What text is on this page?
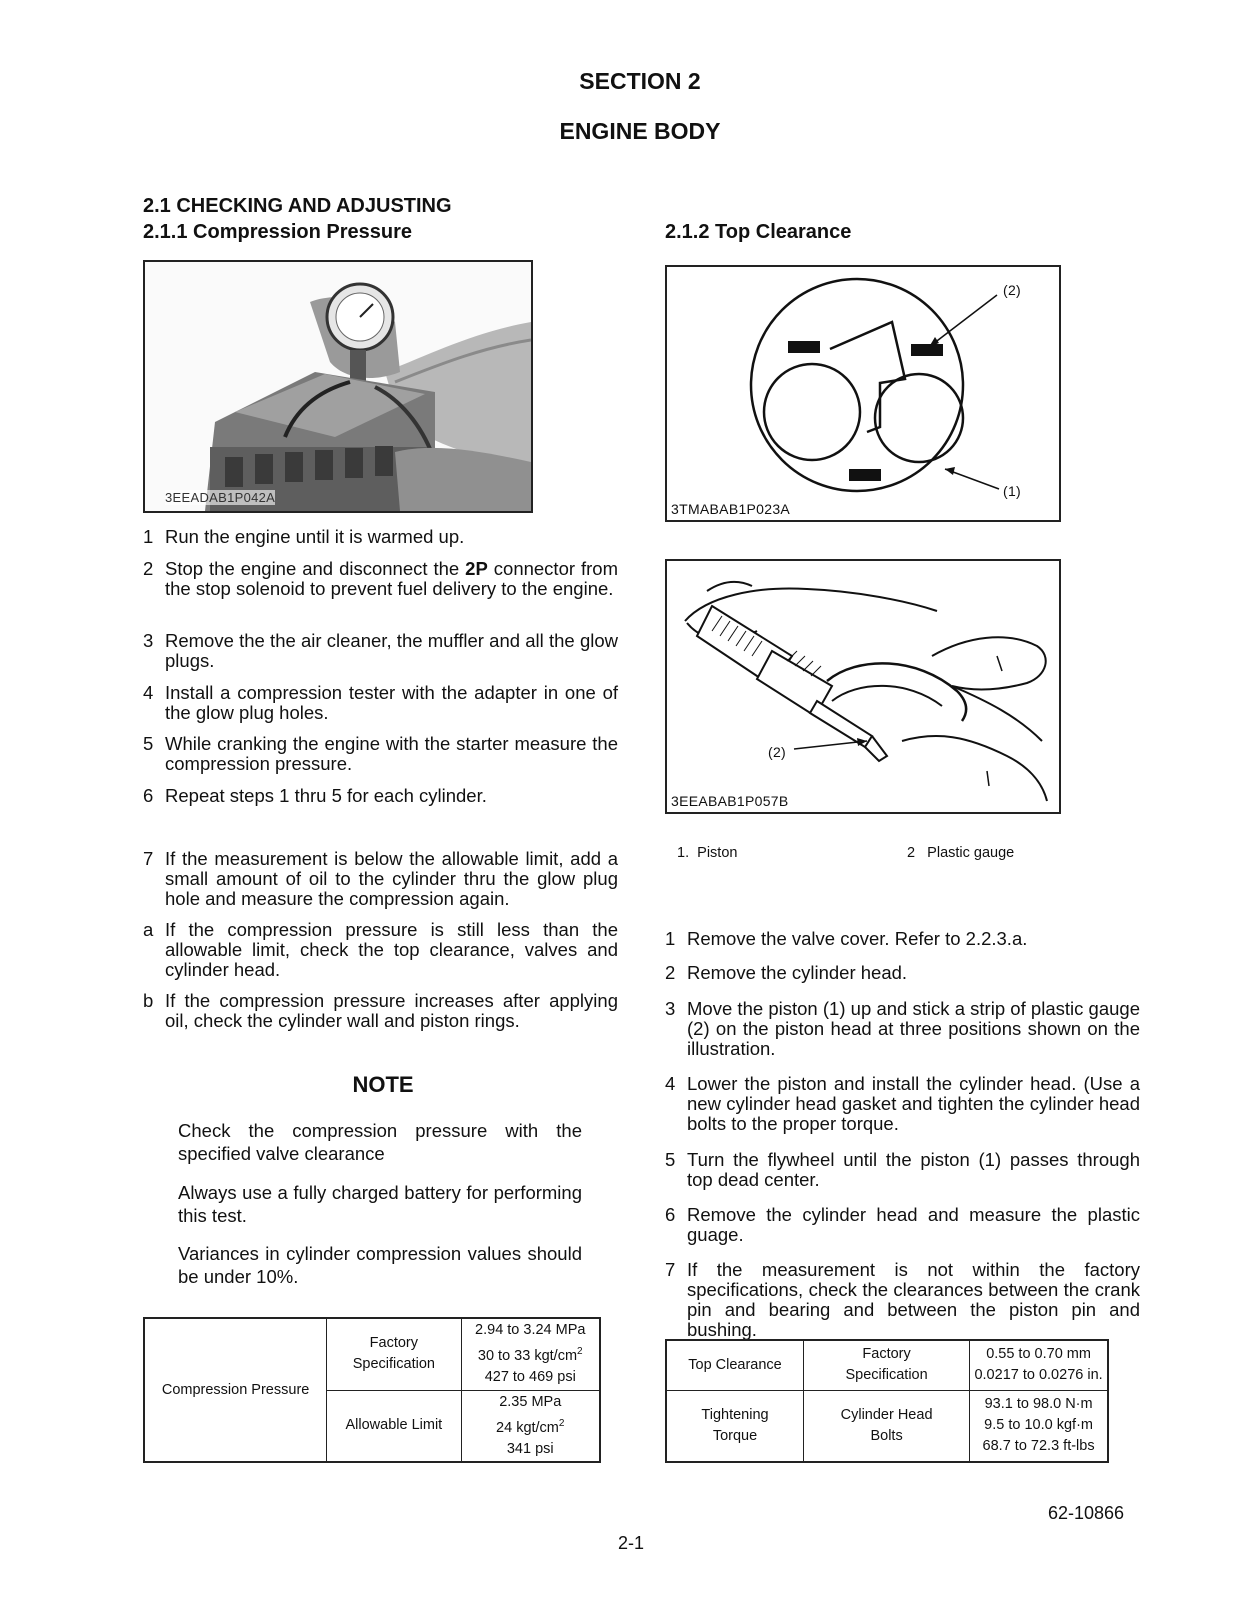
SECTION 2
ENGINE BODY
2.1 CHECKING AND ADJUSTING
2.1.1 Compression Pressure
3EEADAB1P042A
1 Run the engine until it is warmed up.
2 Stop the engine and disconnect the 2P connector from the stop solenoid to prevent fuel delivery to the engine.
3 Remove the the air cleaner, the muffler and all the glow plugs.
4 Install a compression tester with the adapter in one of the glow plug holes.
5 While cranking the engine with the starter measure the compression pressure.
6 Repeat steps 1 thru 5 for each cylinder.
7 If the measurement is below the allowable limit, add a small amount of oil to the cylinder thru the glow plug hole and measure the compression again.
a If the compression pressure is still less than the allowable limit, check the top clearance, valves and cylinder head.
b If the compression pressure increases after applying oil, check the cylinder wall and piston rings.
NOTE
Check the compression pressure with the specified valve clearance
Always use a fully charged battery for performing this test.
Variances in cylinder compression values should be under 10%.
Compression Pressure	Factory Specification	2.94 to 3.24 MPa
30 to 33 kgt/$cm^2$
427 to 469 psi

	Allowable Limit	2.35 MPa
24 kgt/$cm^2$
341 psi
2.1.2 Top Clearance
(2)
(1)
3TMABAB1P023A
(2)
3EEABAB1P057B
1. Piston	2 Plastic gauge
1 Remove the valve cover. Refer to 2.2.3.a.
2 Remove the cylinder head.
3 Move the piston (1) up and stick a strip of plastic gauge (2) on the piston head at three positions shown on the illustration.
4 Lower the piston and install the cylinder head. (Use a new cylinder head gasket and tighten the cylinder head bolts to the proper torque.
5 Turn the flywheel until the piston (1) passes through top dead center.
6 Remove the cylinder head and measure the plastic guage.
7 If the measurement is not within the factory specifications, check the clearances between the crank pin and bearing and between the piston pin and bushing.
Top Clearance	Factory Specification	0.55 to 0.70 mm
0.0217 to 0.0276 in.

Tightening Torque	Cylinder Head Bolts	93.1 to 98.0 N·m
9.5 to 10.0 kgf·m
68.7 to 72.3 ft-lbs
2-1
62-10866
